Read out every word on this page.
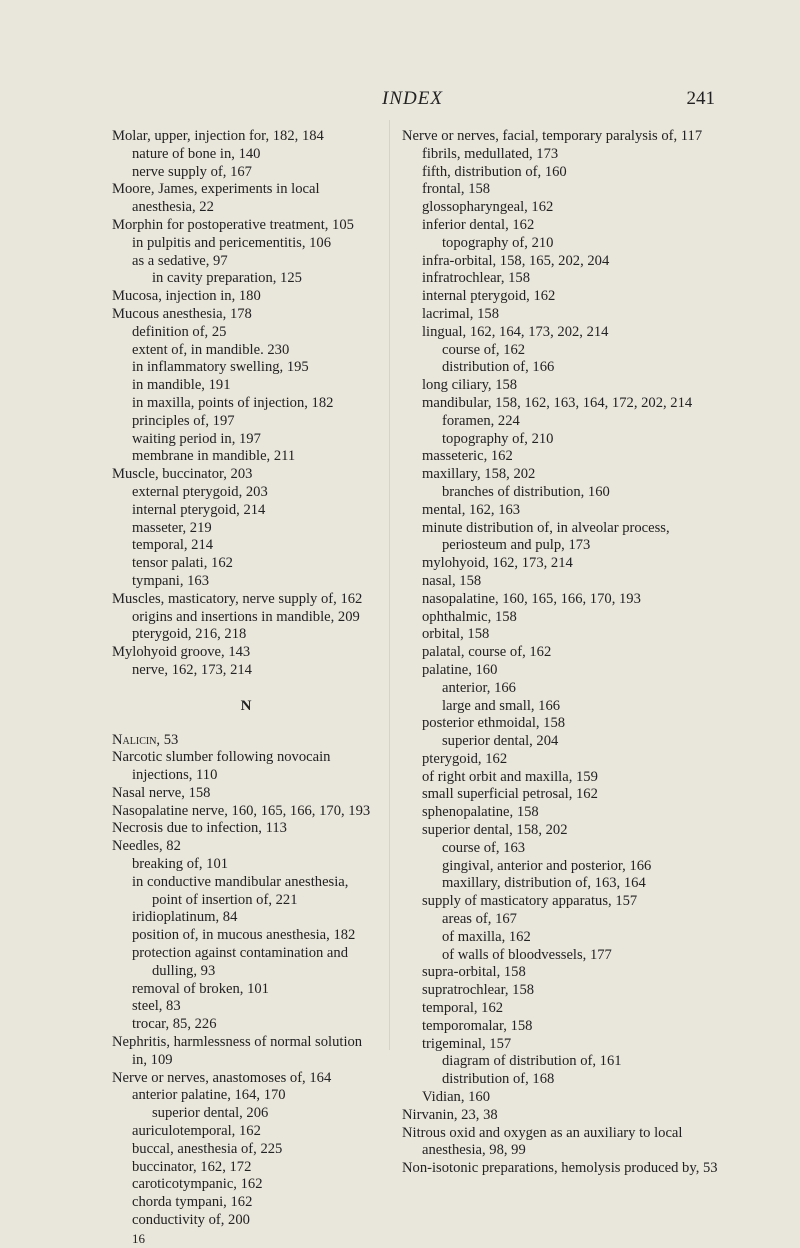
INDEX	241

Molar, upper, injection for, 182, 184

nature of bone in, 140

nerve supply of, 167

Moore, James, experiments in local anesthesia, 22

Morphin for postoperative treatment, 105

in pulpitis and pericementitis, 106

as a sedative, 97

in cavity preparation, 125

Mucosa, injection in, 180

Mucous anesthesia, 178

definition of, 25

extent of, in mandible. 230

in inflammatory swelling, 195

in mandible, 191

in maxilla, points of injection, 182

principles of, 197

waiting period in, 197

membrane in mandible, 211

Muscle, buccinator, 203

external pterygoid, 203

internal pterygoid, 214

masseter, 219

temporal, 214

tensor palati, 162

tympani, 163

Muscles, masticatory, nerve supply of, 162

origins and insertions in mandible, 209

pterygoid, 216, 218

Mylohyoid groove, 143

nerve, 162, 173, 214

N

Nalicin, 53

Narcotic slumber following novocain injections, 110

Nasal nerve, 158

Nasopalatine nerve, 160, 165, 166, 170, 193

Necrosis due to infection, 113

Needles, 82

breaking of, 101

in conductive mandibular anesthesia, point of insertion of, 221

iridioplatinum, 84

position of, in mucous anesthesia, 182

protection against contamination and dulling, 93

removal of broken, 101

steel, 83

trocar, 85, 226

Nephritis, harmlessness of normal solution in, 109

Nerve or nerves, anastomoses of, 164

anterior palatine, 164, 170

superior dental, 206

auriculotemporal, 162

buccal, anesthesia of, 225

buccinator, 162, 172

caroticotympanic, 162

chorda tympani, 162

conductivity of, 200

16

Nerve or nerves, facial, temporary paralysis of, 117

fibrils, medullated, 173

fifth, distribution of, 160

frontal, 158

glossopharyngeal, 162

inferior dental, 162

topography of, 210

infra-orbital, 158, 165, 202, 204

infratrochlear, 158

internal pterygoid, 162

lacrimal, 158

lingual, 162, 164, 173, 202, 214

course of, 162

distribution of, 166

long ciliary, 158

mandibular, 158, 162, 163, 164, 172, 202, 214

foramen, 224

topography of, 210

masseteric, 162

maxillary, 158, 202

branches of distribution, 160

mental, 162, 163

minute distribution of, in alveolar process, periosteum and pulp, 173

mylohyoid, 162, 173, 214

nasal, 158

nasopalatine, 160, 165, 166, 170, 193

ophthalmic, 158

orbital, 158

palatal, course of, 162

palatine, 160

anterior, 166

large and small, 166

posterior ethmoidal, 158

superior dental, 204

pterygoid, 162

of right orbit and maxilla, 159

small superficial petrosal, 162

sphenopalatine, 158

superior dental, 158, 202

course of, 163

gingival, anterior and posterior, 166

maxillary, distribution of, 163, 164

supply of masticatory apparatus, 157

areas of, 167

of maxilla, 162

of walls of bloodvessels, 177

supra-orbital, 158

supratrochlear, 158

temporal, 162

temporomalar, 158

trigeminal, 157

diagram of distribution of, 161

distribution of, 168

Vidian, 160

Nirvanin, 23, 38

Nitrous oxid and oxygen as an auxiliary to local anesthesia, 98, 99

Non-isotonic preparations, hemolysis produced by, 53
